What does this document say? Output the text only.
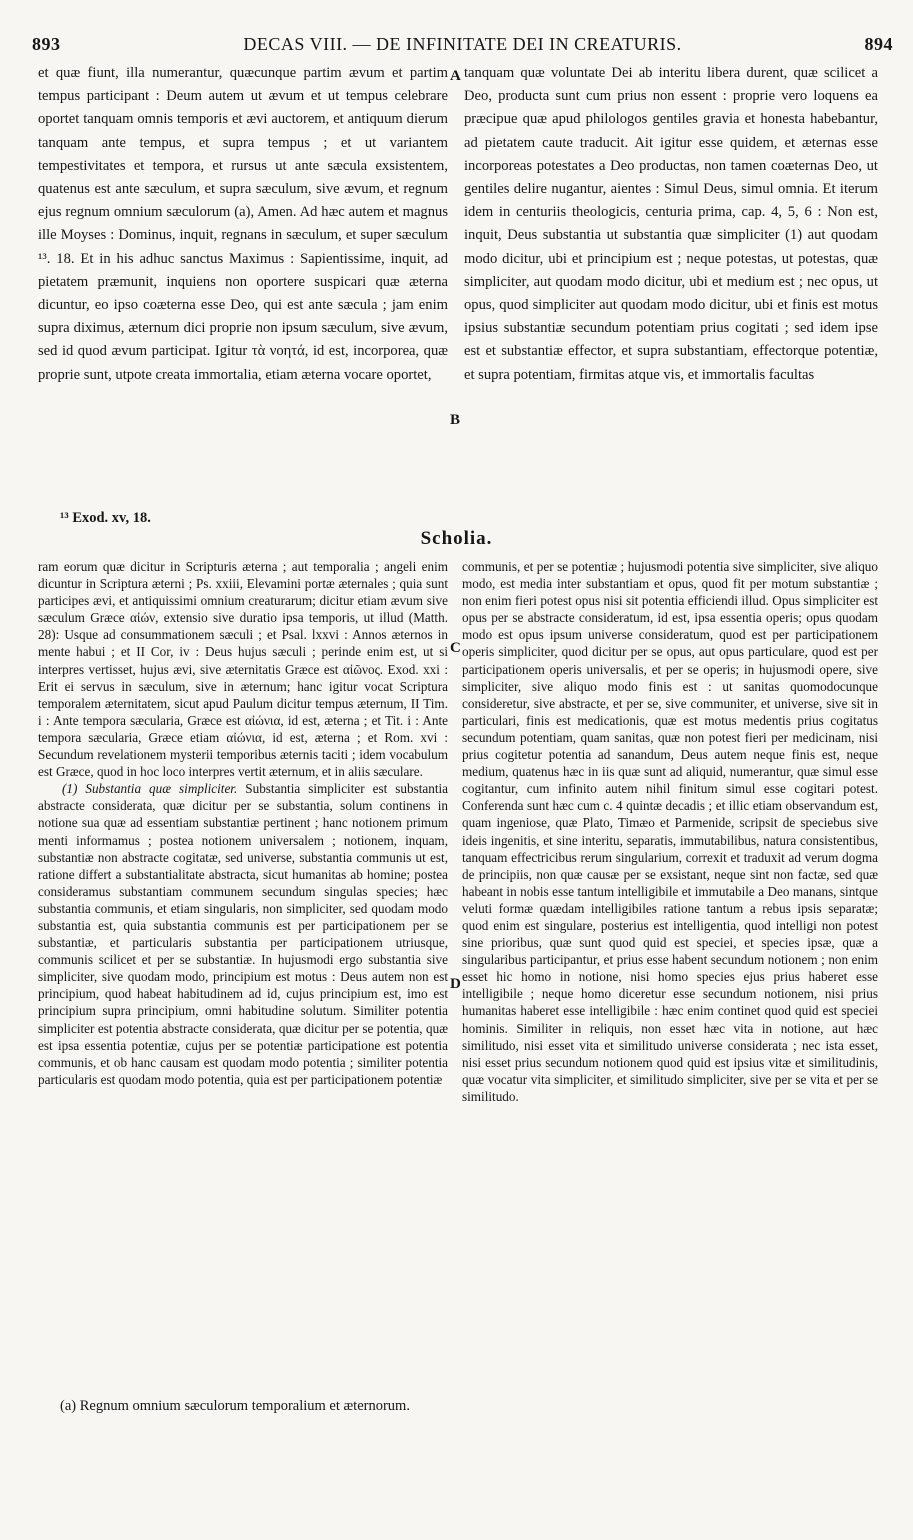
893	DECAS VIII. — DE INFINITATE DEI IN CREATURIS.	894

et quæ fiunt, illa numerantur, quæcunque partim ævum et partim tempus participant : Deum autem ut ævum et ut tempus celebrare oportet tanquam omnis temporis et ævi auctorem, et antiquum dierum tanquam ante tempus, et supra tempus ; et ut variantem tempestivitates et tempora, et rursus ut ante sæcula exsistentem, quatenus est ante sæculum, et supra sæculum, sive ævum, et regnum ejus regnum omnium sæculorum (a), Amen. Ad hæc autem et magnus ille Moyses : Dominus, inquit, regnans in sæculum, et super sæculum ¹³. 18. Et in his adhuc sanctus Maximus : Sapientissime, inquit, ad pietatem præmunit, inquiens non oportere suspicari quæ æterna dicuntur, eo ipso coæterna esse Deo, qui est ante sæcula ; jam enim supra diximus, æternum dici proprie non ipsum sæculum, sive ævum, sed id quod ævum participat. Igitur τὰ νοητά, id est, incorporea, quæ proprie sunt, utpote creata immortalia, etiam æterna vocare oportet,

tanquam quæ voluntate Dei ab interitu libera durent, quæ scilicet a Deo, producta sunt cum prius non essent : proprie vero loquens ea præcipue quæ apud philologos gentiles gravia et honesta habebantur, ad pietatem caute traducit. Ait igitur esse quidem, et æternas esse incorporeas potestates a Deo productas, non tamen coæternas Deo, ut gentiles delire nugantur, aientes : Simul Deus, simul omnia. Et iterum idem in centuriis theologicis, centuria prima, cap. 4, 5, 6 : Non est, inquit, Deus substantia ut substantia quæ simpliciter (1) aut quodam modo dicitur, ubi et principium est ; neque potestas, ut potestas, quæ simpliciter, aut quodam modo dicitur, ubi et medium est ; nec opus, ut opus, quod simpliciter aut quodam modo dicitur, ubi et finis est motus ipsius substantiæ secundum potentiam prius cogitati ; sed idem ipse est et substantiæ effector, et supra substantiam, effectorque potentiæ, et supra potentiam, firmitas atque vis, et immortalis facultas

A
B
C
D
¹³ Exod. xv, 18.
Scholia.

ram eorum quæ dicitur in Scripturis æterna ; aut temporalia ; angeli enim dicuntur in Scriptura æterni ; Ps. xxiii, Elevamini portæ æternales ; quia sunt participes ævi, et antiquissimi omnium creaturarum; dicitur etiam ævum sive sæculum Græce αἰών, extensio sive duratio ipsa temporis, ut illud (Matth. 28): Usque ad consummationem sæculi ; et Psal. lxxvi : Annos æternos in mente habui ; et II Cor, iv : Deus hujus sæculi ; perinde enim est, ut si interpres vertisset, hujus ævi, sive æternitatis Græce est αἰῶνος. Exod. xxi : Erit ei servus in sæculum, sive in æternum; hanc igitur vocat Scriptura temporalem æternitatem, sicut apud Paulum dicitur tempus æternum, II Tim. i : Ante tempora sæcularia, Græce est αἰώνια, id est, æterna ; et Tit. i : Ante tempora sæcularia, Græce etiam αἰώνια, id est, æterna ; et Rom. xvi : Secundum revelationem mysterii temporibus æternis taciti ; idem vocabulum est Græce, quod in hoc loco interpres vertit æternum, et in aliis sæculare.

(1) Substantia quæ simpliciter. Substantia simpliciter est substantia abstracte considerata, quæ dicitur per se substantia, solum continens in notione sua quæ ad essentiam substantiæ pertinent ; hanc notionem primum menti informamus ; postea notionem universalem ; notionem, inquam, substantiæ non abstracte cogitatæ, sed universe, substantia communis ut est, ratione differt a substantialitate abstracta, sicut humanitas ab homine; postea consideramus substantiam communem secundum singulas species; hæc substantia communis, et etiam singularis, non simpliciter, sed quodam modo substantia est, quia substantia communis est per participationem per se substantiæ, et particularis substantia per participationem utriusque, communis scilicet et per se substantiæ. In hujusmodi ergo substantia sive simpliciter, sive quodam modo, principium est motus : Deus autem non est principium, quod habeat habitudinem ad id, cujus principium est, imo est principium supra principium, omni habitudine solutum. Similiter potentia simpliciter est potentia abstracte considerata, quæ dicitur per se potentia, quæ est ipsa essentia potentiæ, cujus per se potentiæ participatione est potentia communis, et ob hanc causam est quodam modo potentia ; similiter potentia particularis est quodam modo potentia, quia est per participationem potentiæ

communis, et per se potentiæ ; hujusmodi potentia sive simpliciter, sive aliquo modo, est media inter substantiam et opus, quod fit per motum substantiæ ; non enim fieri potest opus nisi sit potentia efficiendi illud. Opus simpliciter est opus per se abstracte consideratum, id est, ipsa essentia operis; opus quodam modo est opus ipsum universe consideratum, quod est per participationem operis simpliciter, quod dicitur per se opus, aut opus particulare, quod est per participationem operis universalis, et per se operis; in hujusmodi opere, sive simpliciter, sive aliquo modo finis est : ut sanitas quomodocunque consideretur, sive abstracte, et per se, sive communiter, et universe, sive sit in particulari, finis est medicationis, quæ est motus medentis prius cogitatus secundum potentiam, quam sanitas, quæ non potest fieri per medicinam, nisi prius cogitetur potentia ad sanandum, Deus autem neque finis est, neque medium, quatenus hæc in iis quæ sunt ad aliquid, numerantur, quæ simul esse cogitantur, cum infinito autem nihil finitum simul esse cogitari potest. Conferenda sunt hæc cum c. 4 quintæ decadis ; et illic etiam observandum est, quam ingeniose, quæ Plato, Timæo et Parmenide, scripsit de speciebus sive ideis ingenitis, et sine interitu, separatis, immutabilibus, natura consistentibus, tanquam effectricibus rerum singularium, correxit et traduxit ad verum dogma de principiis, non quæ causæ per se exsistant, neque sint non factæ, sed quæ habeant in nobis esse tantum intelligibile et immutabile a Deo manans, sintque veluti formæ quædam intelligibiles ratione tantum a rebus ipsis separatæ; quod enim est singulare, posterius est intelligentia, quod intelligi non potest sine prioribus, quæ sunt quod quid est speciei, et species ipsæ, quæ a singularibus participantur, et prius esse habent secundum notionem ; non enim esset hic homo in notione, nisi homo species ejus prius haberet esse intelligibile ; neque homo diceretur esse secundum notionem, nisi prius humanitas haberet esse intelligibile : hæc enim continet quod quid est speciei hominis. Similiter in reliquis, non esset hæc vita in notione, aut hæc similitudo, nisi esset vita et similitudo universe considerata ; nec ista esset, nisi esset prius secundum notionem quod quid est ipsius vitæ et similitudinis, quæ vocatur vita simpliciter, et similitudo simpliciter, sive per se vita et per se similitudo.

(a) Regnum omnium sæculorum temporalium et æternorum.
